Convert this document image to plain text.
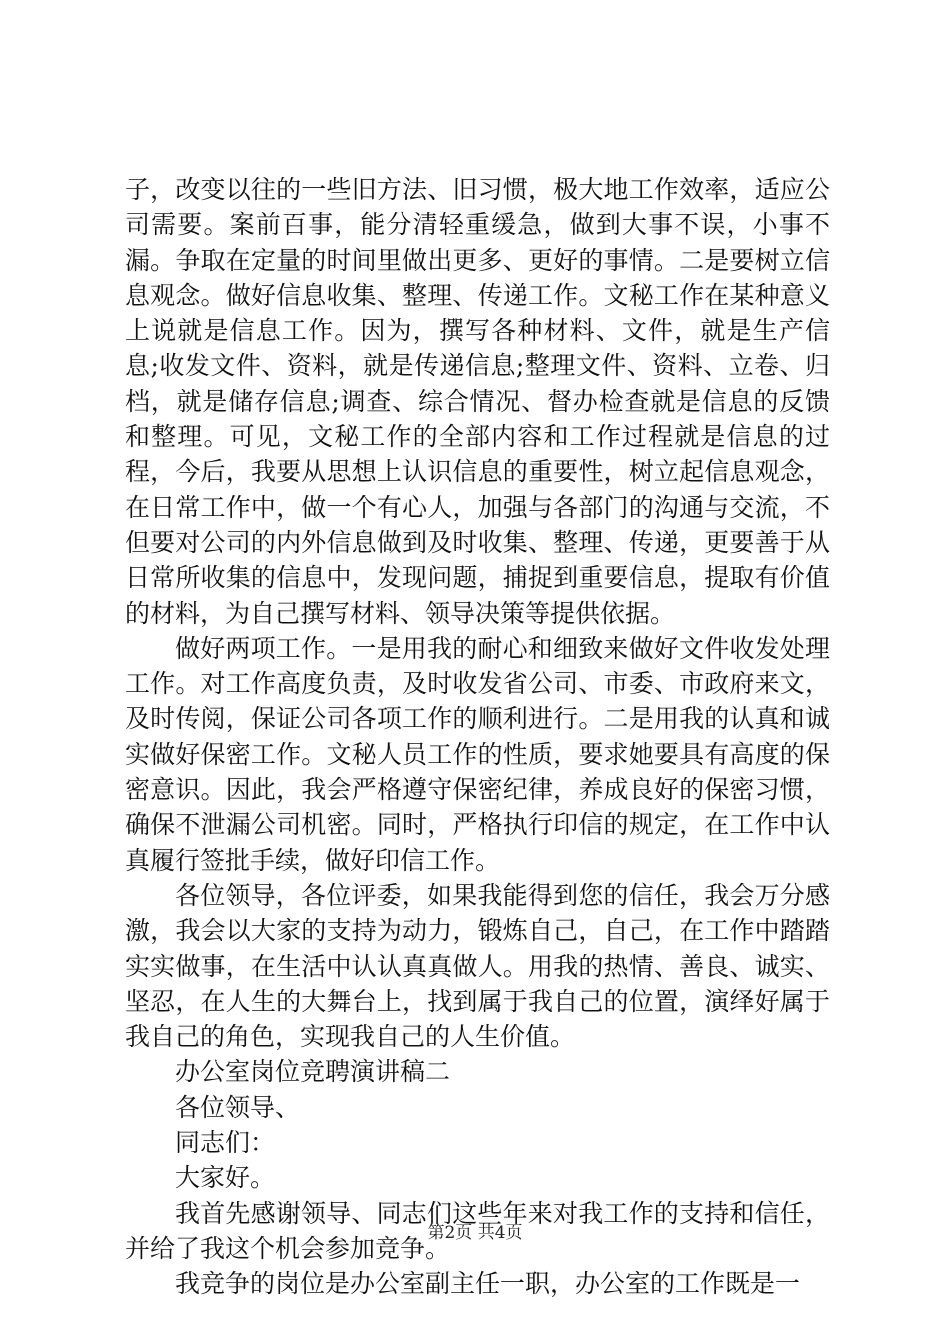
子，改变以往的一些旧方法、旧习惯，极大地工作效率，适应公司需要。案前百事，能分清轻重缓急，做到大事不误，小事不漏。争取在定量的时间里做出更多、更好的事情。二是要树立信息观念。做好信息收集、整理、传递工作。文秘工作在某种意义上说就是信息工作。因为，撰写各种材料、文件，就是生产信息;收发文件、资料，就是传递信息;整理文件、资料、立卷、归档，就是储存信息;调查、综合情况、督办检查就是信息的反馈和整理。可见，文秘工作的全部内容和工作过程就是信息的过程，今后，我要从思想上认识信息的重要性，树立起信息观念，在日常工作中，做一个有心人，加强与各部门的沟通与交流，不但要对公司的内外信息做到及时收集、整理、传递，更要善于从日常所收集的信息中，发现问题，捕捉到重要信息，提取有价值的材料，为自己撰写材料、领导决策等提供依据。

做好两项工作。一是用我的耐心和细致来做好文件收发处理工作。对工作高度负责，及时收发省公司、市委、市政府来文，及时传阅，保证公司各项工作的顺利进行。二是用我的认真和诚实做好保密工作。文秘人员工作的性质，要求她要具有高度的保密意识。因此，我会严格遵守保密纪律，养成良好的保密习惯，确保不泄漏公司机密。同时，严格执行印信的规定，在工作中认真履行签批手续，做好印信工作。

各位领导，各位评委，如果我能得到您的信任，我会万分感激，我会以大家的支持为动力，锻炼自己，自己，在工作中踏踏实实做事，在生活中认认真真做人。用我的热情、善良、诚实、坚忍，在人生的大舞台上，找到属于我自己的位置，演绎好属于我自己的角色，实现我自己的人生价值。

办公室岗位竞聘演讲稿二

各位领导、

同志们：

大家好。

我首先感谢领导、同志们这些年来对我工作的支持和信任，并给了我这个机会参加竞争。

我竞争的岗位是办公室副主任一职，办公室的工作既是一

第2页 共4页
